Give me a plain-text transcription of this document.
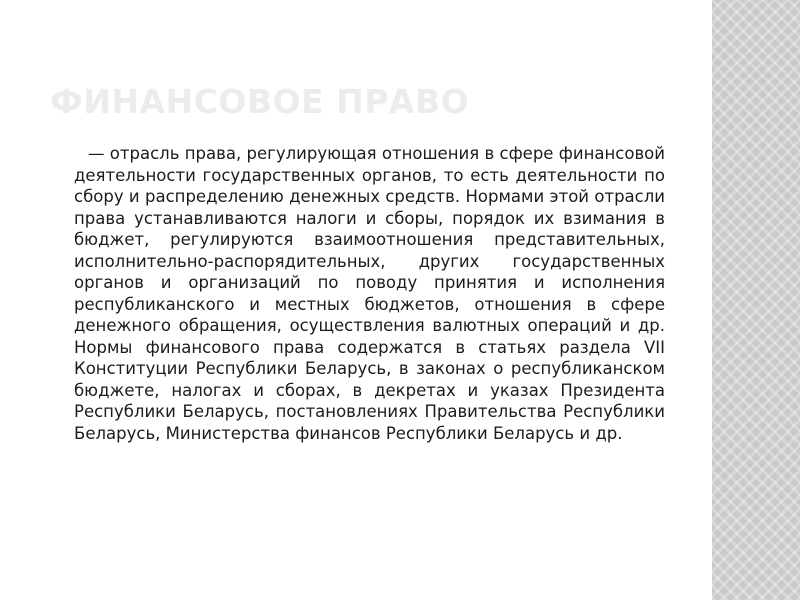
ФИНАНСОВОЕ ПРАВО

— отрасль права, регулирующая отношения в сфере финансовой деятельности государственных органов, то есть деятельности по сбору и распределению денежных средств. Нормами этой отрасли права устанавливаются налоги и сборы, порядок их взимания в бюджет, регулируются взаимоотношения представительных, исполнительно-распорядительных, других государственных органов и организаций по поводу принятия и исполнения республиканского и местных бюджетов, отношения в сфере денежного обращения, осуществления валютных операций и др. Нормы финансового права содержатся в статьях раздела VII Конституции Республики Беларусь, в законах о республиканском бюджете, налогах и сборах, в декретах и указах Президента Республики Беларусь, постановлениях Правительства Республики Беларусь, Министерства финансов Республики Беларусь и др.
